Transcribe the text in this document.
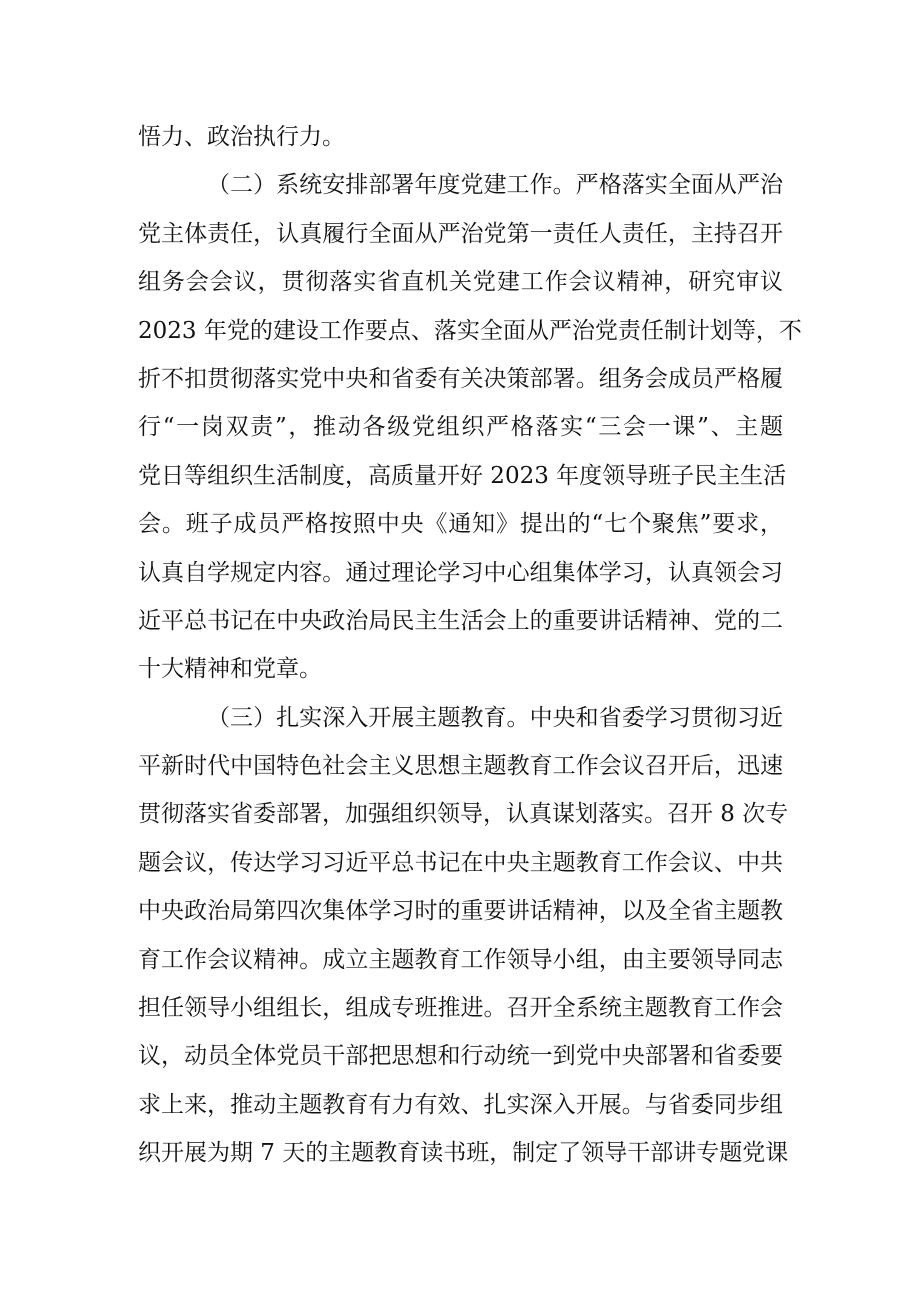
悟力、政治执行力。
（二）系统安排部署年度党建工作。严格落实全面从严治
党主体责任，认真履行全面从严治党第一责任人责任，主持召开
组务会会议，贯彻落实省直机关党建工作会议精神，研究审议
2023 年党的建设工作要点、落实全面从严治党责任制计划等，不
折不扣贯彻落实党中央和省委有关决策部署。组务会成员严格履
行“一岗双责”，推动各级党组织严格落实“三会一课”、主题
党日等组织生活制度，高质量开好 2023 年度领导班子民主生活
会。班子成员严格按照中央《通知》提出的“七个聚焦”要求，
认真自学规定内容。通过理论学习中心组集体学习，认真领会习
近平总书记在中央政治局民主生活会上的重要讲话精神、党的二
十大精神和党章。
（三）扎实深入开展主题教育。中央和省委学习贯彻习近
平新时代中国特色社会主义思想主题教育工作会议召开后，迅速
贯彻落实省委部署，加强组织领导，认真谋划落实。召开 8 次专
题会议，传达学习习近平总书记在中央主题教育工作会议、中共
中央政治局第四次集体学习时的重要讲话精神，以及全省主题教
育工作会议精神。成立主题教育工作领导小组，由主要领导同志
担任领导小组组长，组成专班推进。召开全系统主题教育工作会
议，动员全体党员干部把思想和行动统一到党中央部署和省委要
求上来，推动主题教育有力有效、扎实深入开展。与省委同步组
织开展为期 7 天的主题教育读书班，制定了领导干部讲专题党课
